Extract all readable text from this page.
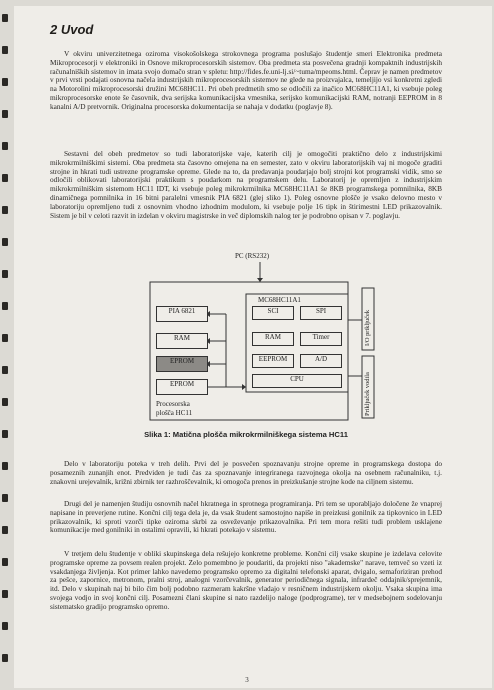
2 Uvod

V okviru univerzitetnega oziroma visokošolskega strokovnega programa poslušajo študentje smeri Elektronika predmeta Mikroprocesorji v elektroniki in Osnove mikroprocesorskih sistemov. Oba predmeta sta posvečena gradnji kompaktnih industrijskih računalniških sistemov in imata svojo domačo stran v spletu: http://fides.fe.uni-lj.si/~tuma/mpeoms.html. Čeprav je namen predmetov v prvi vrsti podajati osnovna načela industrijskih mikroprocesorskih sistemov ne glede na proizvajalca, temeljijo vsi konkretni zgledi na Motorolini mikroprocesorski družini MC68HC11. Pri obeh predmetih smo se odločili za inačico MC68HC11A1, ki vsebuje poleg mikroprocesorske enote še časovnik, dva serijska komunikacijska vmesnika, serijsko komunikacijski RAM, notranji EEPROM in 8 kanalni A/D pretvornik. Originalna procesorska dokumentacija se nahaja v dodatku (poglavje 8).

Sestavni del obeh predmetov so tudi laboratorijske vaje, katerih cilj je omogočiti praktično delo z industrijskimi mikrokrmilniškimi sistemi. Oba predmeta sta časovno omejena na en semester, zato v okviru laboratorijskih vaj ni mogoče graditi strojne in hkrati tudi ustrezne programske opreme. Glede na to, da predavanja poudarjajo bolj strojni kot programski vidik, smo se odločili oblikovati laboratorijski praktikum s poudarkom na programskem delu. Laboratorij je opremljen z industrijskim mikrokrmilniškim sistemom HC11 IDT, ki vsebuje poleg mikrokrmilnika MC68HC11A1 še 8KB programskega pomnilnika, 8KB dinamičnega pomnilnika in 16 bitni paralelni vmesnik PIA 6821 (glej sliko 1). Poleg osnovne plošče je vsako delovno mesto v laboratoriju opremljeno tudi z osnovnim vhodno izhodnim modulom, ki vsebuje polje 16 tipk in štirimestni LED prikazovalnik. Sistem je bil v celoti razvit in izdelan v okviru magistrske in več diplomskih nalog ter je podrobno opisan v 7. poglavju.

PC (RS232)
MC68HC11A1
PIA 6821
RAM
EPROM
EPROM
SCI	SPI
RAM	Timer
EEPROM	A/D
CPU
Procesorska
plošča HC11
I/O priključek
Priključek vodila
Slika 1: Matična plošča mikrokrmilniškega sistema HC11

Delo v laboratoriju poteka v treh delih. Prvi del je posvečen spoznavanju strojne opreme in programskega dostopa do posameznih zunanjih enot. Predviden je tudi čas za spoznavanje integriranega razvojnega okolja na osebnem računalniku, t.j. znakovni urejevalnik, križni zbirnik ter razhroščevalnik, ki omogoča prenos in preizkušanje strojne kode na ciljnem sistemu.

Drugi del je namenjen študiju osnovnih načel hkratnega in sprotnega programiranja. Pri tem se uporabljajo določene že vnaprej napisane in preverjene rutine. Končni cilj tega dela je, da vsak študent samostojno napiše in preizkusi gonilnik za tipkovnico in LED prikazovalnik, ki sproti vzorči tipke oziroma skrbi za osveževanje prikazovalnika. Pri tem mora rešiti tudi problem usklajene komunikacije med gonilniki in ostalimi opravili, ki hkrati potekajo v sistemu.

V tretjem delu študentje v obliki skupinskega dela rešujejo konkretne probleme. Končni cilj vsake skupine je izdelava celovite programske opreme za povsem realen projekt. Zelo pomembno je poudariti, da projekti niso "akademske" narave, temveč so vzeti iz vsakdanjega življenja. Kot primer lahko navedemo programsko opremo za digitalni telefonski aparat, dvigalo, semaforiziran prehod za pešce, zapornice, metronom, pralni stroj, analogni vzorčevalnik, generator periodičnega signala, infrardeč oddajnik/sprejemnik, itd. Delo v skupinah naj bi bilo čim bolj podobno razmeram kakršne vladajo v resničnem industrijskem okolju. Vsaka skupina ima svojega vodjo in svoj končni cilj. Posamezni člani skupine si nato razdelijo naloge (podprograme), ter v medsebojnem sodelovanju sistematsko gradijo programsko opremo.

3
